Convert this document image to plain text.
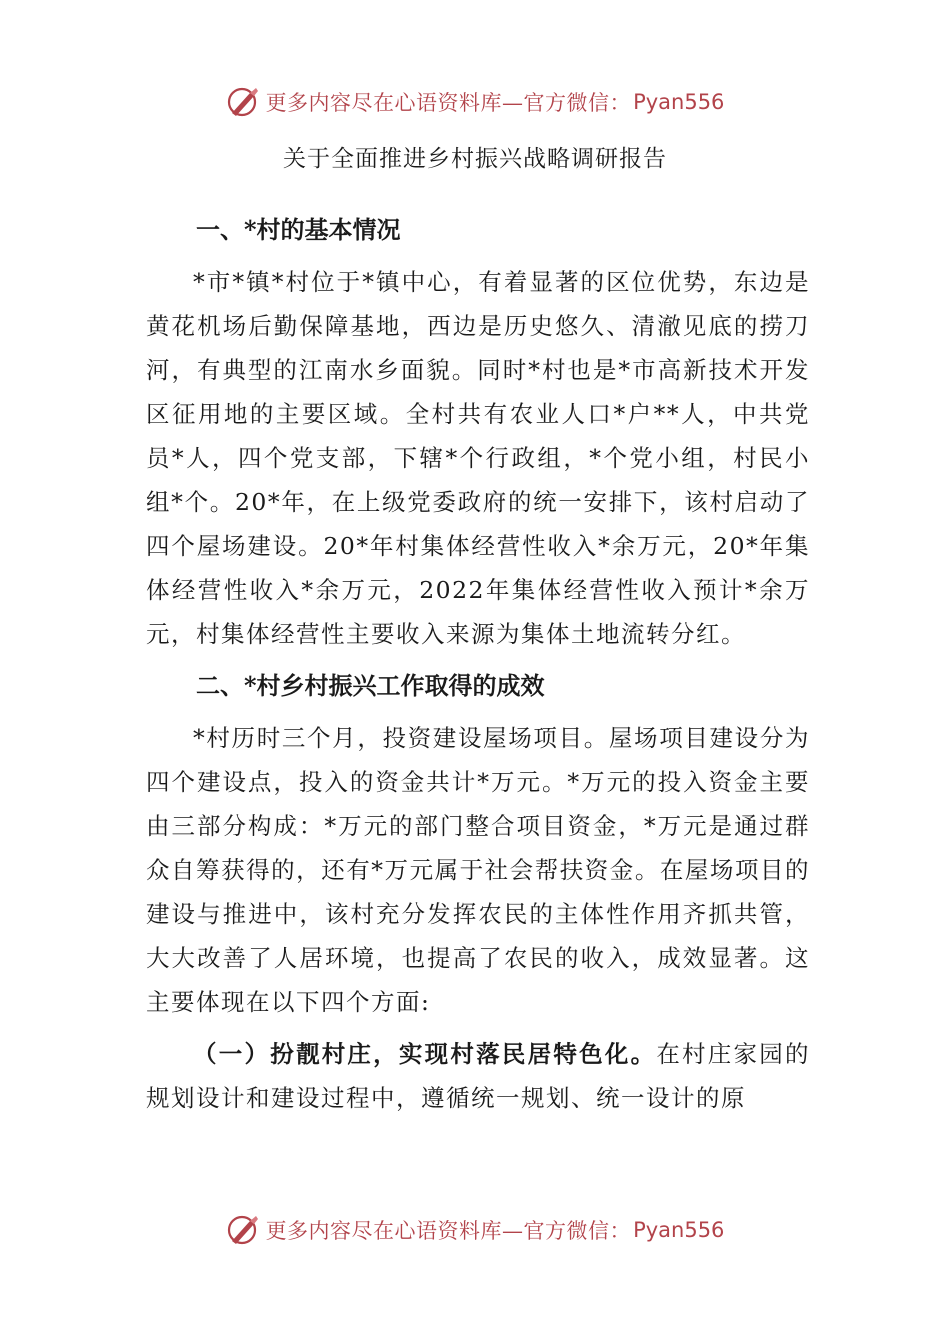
更多内容尽在心语资料库—官方微信： Pyan556
关于全面推进乡村振兴战略调研报告
一、*村的基本情况

*市*镇*村位于*镇中心，有着显著的区位优势，东边是黄花机场后勤保障基地，西边是历史悠久、清澈见底的捞刀河，有典型的江南水乡面貌。同时*村也是*市高新技术开发区征用地的主要区域。全村共有农业人口*户**人，中共党员*人，四个党支部，下辖*个行政组，*个党小组，村民小组*个。20*年，在上级党委政府的统一安排下，该村启动了四个屋场建设。20*年村集体经营性收入*余万元，20*年集体经营性收入*余万元，2022年集体经营性收入预计*余万元，村集体经营性主要收入来源为集体土地流转分红。

二、*村乡村振兴工作取得的成效

*村历时三个月，投资建设屋场项目。屋场项目建设分为四个建设点，投入的资金共计*万元。*万元的投入资金主要由三部分构成：*万元的部门整合项目资金，*万元是通过群众自筹获得的，还有*万元属于社会帮扶资金。在屋场项目的建设与推进中，该村充分发挥农民的主体性作用齐抓共管，大大改善了人居环境，也提高了农民的收入，成效显著。这主要体现在以下四个方面:

（一）扮靓村庄，实现村落民居特色化。在村庄家园的规划设计和建设过程中，遵循统一规划、统一设计的原

更多内容尽在心语资料库—官方微信： Pyan556
